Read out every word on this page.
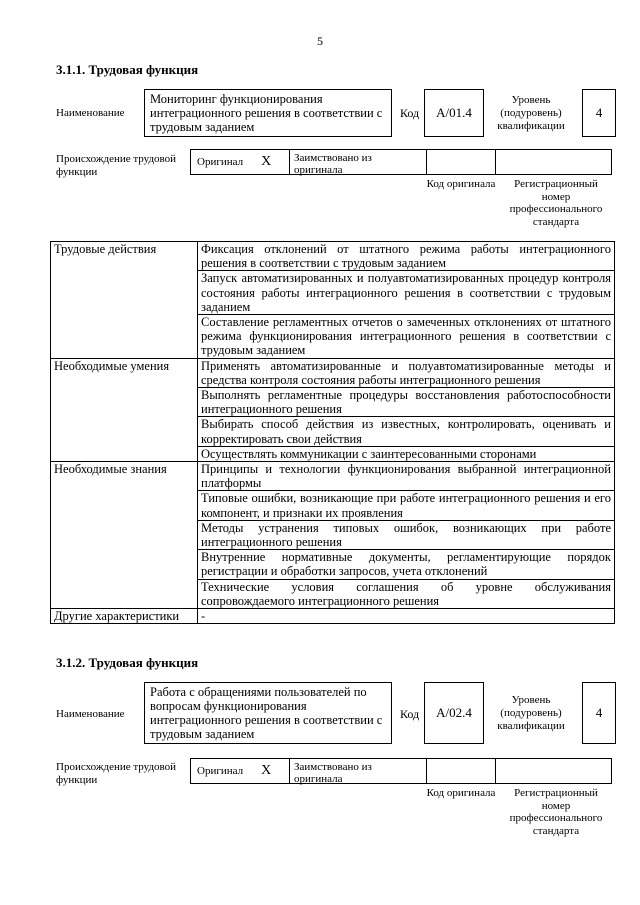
5
3.1.1. Трудовая функция
Наименование
Мониторинг функционирования интеграционного решения в соответствии с трудовым заданием
Код	А/01.4
Уровень (подуровень) квалификации
4
Происхождение трудовой функции
Оригинал X	Заимствовано из оригинала
Код оригинала	Регистрационный номер профессионального стандарта
Трудовые действия	Фиксация отклонений от штатного режима работы интеграционного решения в соответствии с трудовым заданием
	Запуск автоматизированных и полуавтоматизированных процедур контроля состояния работы интеграционного решения в соответствии с трудовым заданием
	Составление регламентных отчетов о замеченных отклонениях от штатного режима функционирования интеграционного решения в соответствии с трудовым заданием
Необходимые умения	Применять автоматизированные и полуавтоматизированные методы и средства контроля состояния работы интеграционного решения
	Выполнять регламентные процедуры восстановления работоспособности интеграционного решения
	Выбирать способ действия из известных, контролировать, оценивать и корректировать свои действия
	Осуществлять коммуникации с заинтересованными сторонами
Необходимые знания	Принципы и технологии функционирования выбранной интеграционной платформы
	Типовые ошибки, возникающие при работе интеграционного решения и его компонент, и признаки их проявления
	Методы устранения типовых ошибок, возникающих при работе интеграционного решения
	Внутренние нормативные документы, регламентирующие порядок регистрации и обработки запросов, учета отклонений
	Технические условия соглашения об уровне обслуживания сопровождаемого интеграционного решения
Другие характеристики	-
3.1.2. Трудовая функция
Наименование
Работа с обращениями пользователей по вопросам функционирования интеграционного решения в соответствии с трудовым заданием
Код	А/02.4
Уровень (подуровень) квалификации
4
Происхождение трудовой функции
Оригинал X	Заимствовано из оригинала
Код оригинала	Регистрационный номер профессионального стандарта
